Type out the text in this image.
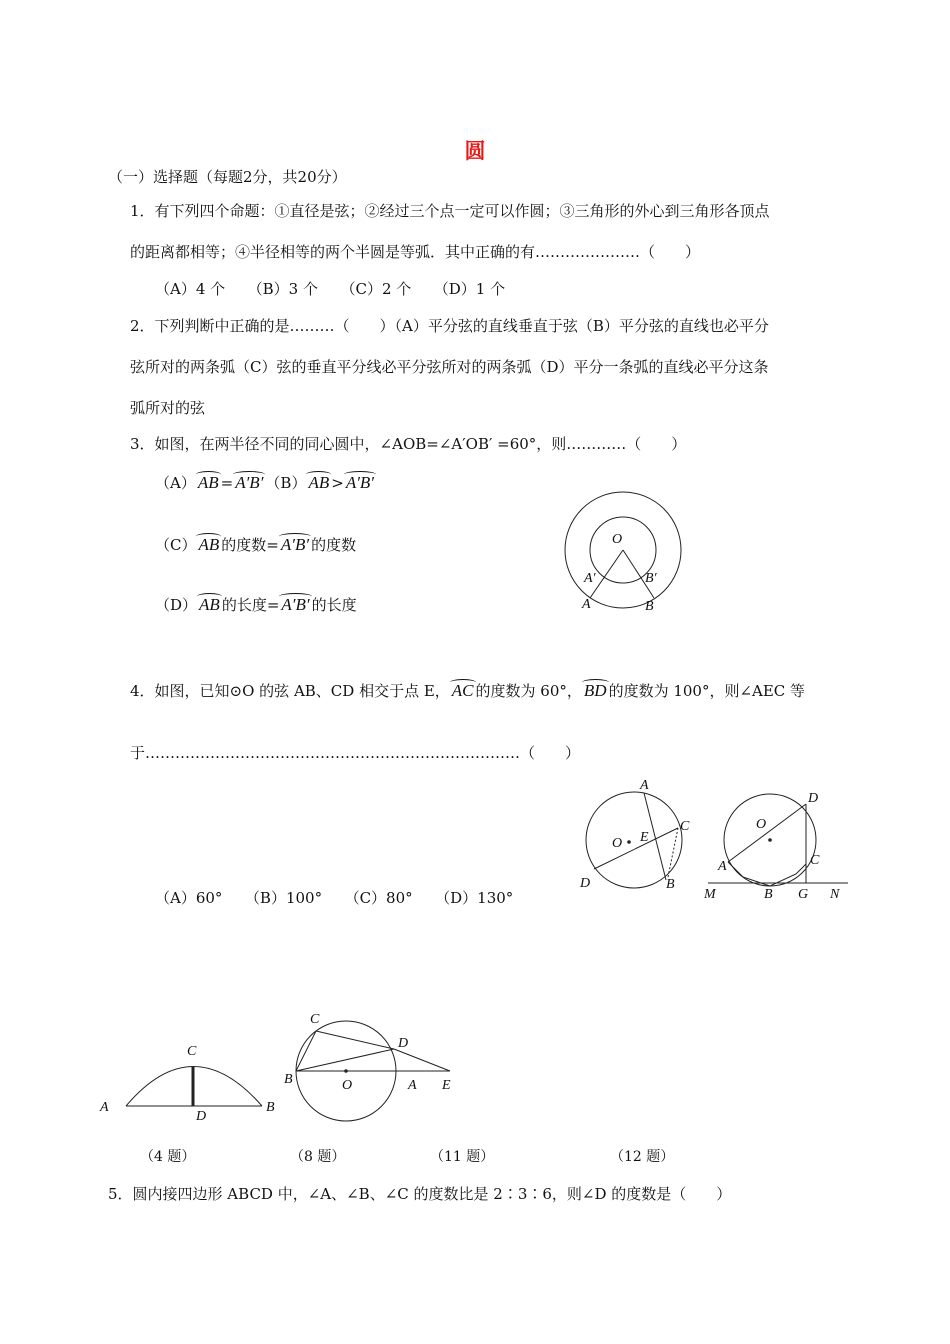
圆
（一）选择题（每题2分，共20分）
1．有下列四个命题：①直径是弦；②经过三个点一定可以作圆；③三角形的外心到三角形各顶点
的距离都相等；④半径相等的两个半圆是等弧．其中正确的有…………………（　　）
（A）4 个　　（B）3 个　　（C）2 个　　（D）1 个
2．下列判断中正确的是………（　　）（A）平分弦的直线垂直于弦（B）平分弦的直线也必平分
弦所对的两条弧（C）弦的垂直平分线必平分弦所对的两条弧（D）平分一条弧的直线必平分这条
弧所对的弦
3．如图，在两半径不同的同心圆中，∠AOB=∠A′OB′ =60°，则…………（　　）
（A） AB = A′B′ （B） AB > A′B′
（C） AB 的度数= A′B′ 的度数
（D） AB 的长度= A′B′ 的长度
O
A′	B′
A	B
4．如图，已知⊙O 的弦 AB、CD 相交于点 E， AC 的度数为 60°， BD 的度数为 100°，则∠AEC 等
于…………………………………………………………………（　　）
（A）60°　　（B）100°　　（C）80°　　（D）130°
A
C
O E
D	B
D
O
A	C
M	B G N
C
A
D
B
C
D
B	O	A E
（4 题）	（8 题）	（11 题）	（12 题）
5．圆内接四边形 ABCD 中，∠A、∠B、∠C 的度数比是 2∶3∶6，则∠D 的度数是（　　）
